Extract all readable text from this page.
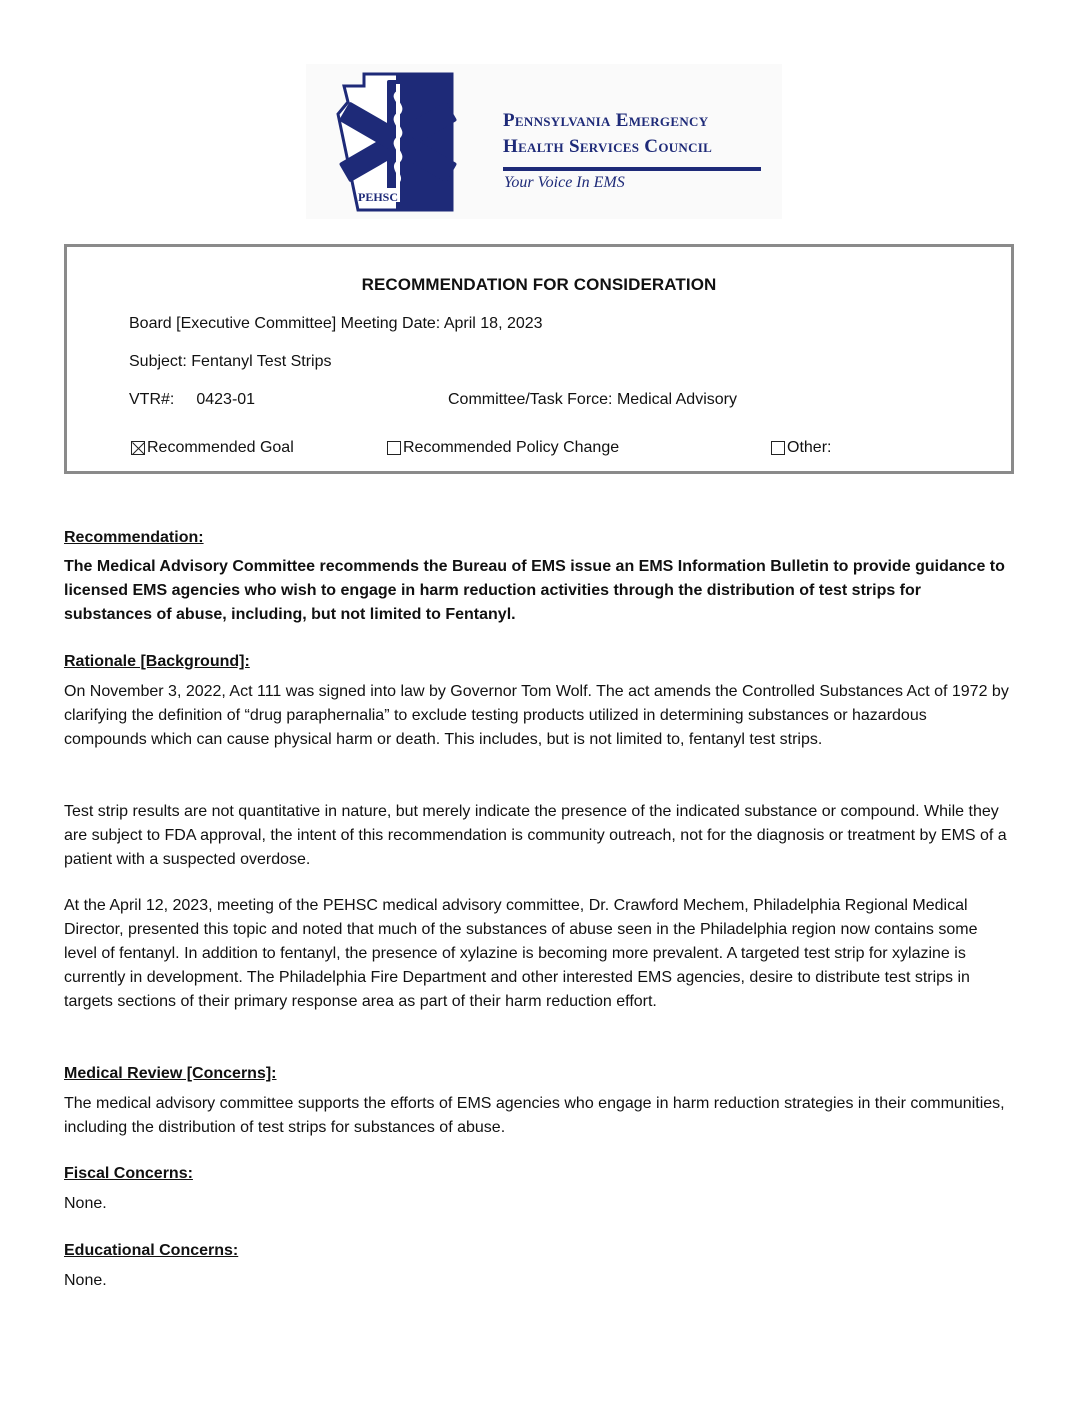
PEHSC
Pennsylvania Emergency
Health Services Council
Your Voice In EMS
RECOMMENDATION FOR CONSIDERATION
Board [Executive Committee] Meeting Date: April 18, 2023
Subject: Fentanyl Test Strips
VTR#: 0423-01	Committee/Task Force: Medical Advisory
Recommended Goal	Recommended Policy Change	Other:
Recommendation:
The Medical Advisory Committee recommends the Bureau of EMS issue an EMS Information Bulletin to provide guidance to licensed EMS agencies who wish to engage in harm reduction activities through the distribution of test strips for substances of abuse, including, but not limited to Fentanyl.
Rationale [Background]:
On November 3, 2022, Act 111 was signed into law by Governor Tom Wolf. The act amends the Controlled Substances Act of 1972 by clarifying the definition of “drug paraphernalia” to exclude testing products utilized in determining substances or hazardous compounds which can cause physical harm or death. This includes, but is not limited to, fentanyl test strips.
Test strip results are not quantitative in nature, but merely indicate the presence of the indicated substance or compound. While they are subject to FDA approval, the intent of this recommendation is community outreach, not for the diagnosis or treatment by EMS of a patient with a suspected overdose.
At the April 12, 2023, meeting of the PEHSC medical advisory committee, Dr. Crawford Mechem, Philadelphia Regional Medical Director, presented this topic and noted that much of the substances of abuse seen in the Philadelphia region now contains some level of fentanyl. In addition to fentanyl, the presence of xylazine is becoming more prevalent. A targeted test strip for xylazine is currently in development. The Philadelphia Fire Department and other interested EMS agencies, desire to distribute test strips in targets sections of their primary response area as part of their harm reduction effort.
Medical Review [Concerns]:
The medical advisory committee supports the efforts of EMS agencies who engage in harm reduction strategies in their communities, including the distribution of test strips for substances of abuse.
Fiscal Concerns:
None.
Educational Concerns:
None.
